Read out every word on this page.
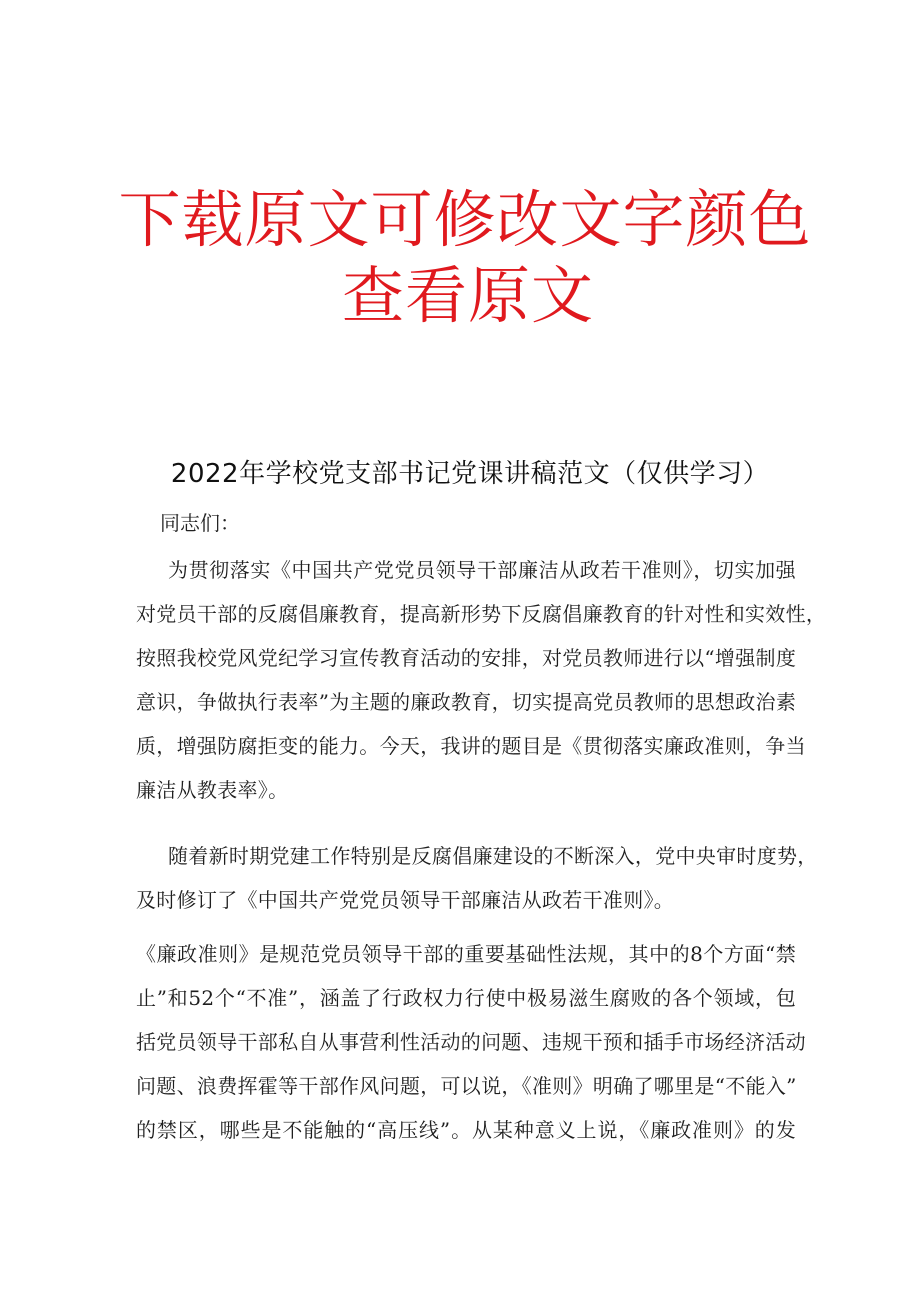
下载原文可修改文字颜色
查看原文
2022年学校党支部书记党课讲稿范文（仅供学习）
同志们：
为贯彻落实《中国共产党党员领导干部廉洁从政若干准则》，切实加强
对党员干部的反腐倡廉教育，提高新形势下反腐倡廉教育的针对性和实效性，
按照我校党风党纪学习宣传教育活动的安排，对党员教师进行以“增强制度
意识，争做执行表率”为主题的廉政教育，切实提高党员教师的思想政治素
质，增强防腐拒变的能力。今天，我讲的题目是《贯彻落实廉政准则，争当
廉洁从教表率》。
随着新时期党建工作特别是反腐倡廉建设的不断深入，党中央审时度势，
及时修订了《中国共产党党员领导干部廉洁从政若干准则》。
《廉政准则》是规范党员领导干部的重要基础性法规，其中的8个方面“禁
止”和52个“不准”，涵盖了行政权力行使中极易滋生腐败的各个领域，包
括党员领导干部私自从事营利性活动的问题、违规干预和插手市场经济活动
问题、浪费挥霍等干部作风问题，可以说，《准则》明确了哪里是“不能入”
的禁区，哪些是不能触的“高压线”。从某种意义上说，《廉政准则》的发
